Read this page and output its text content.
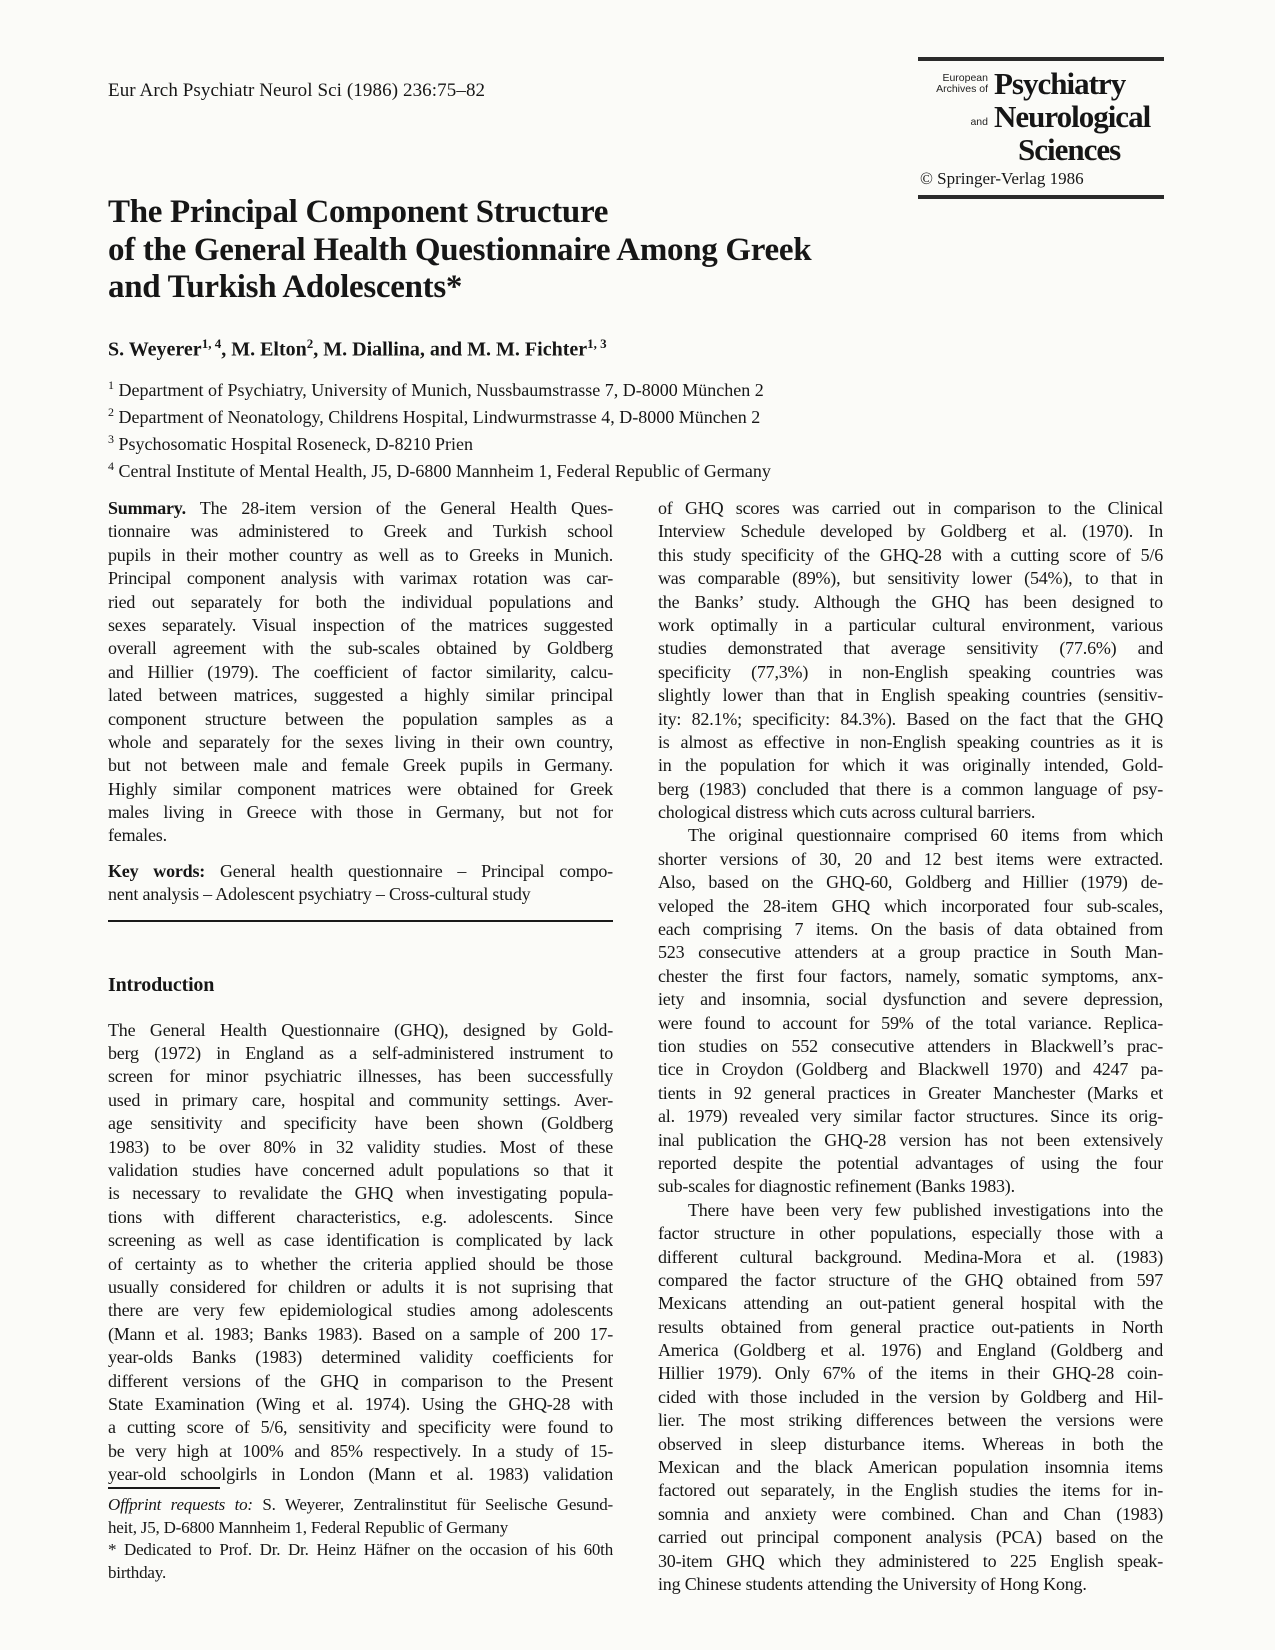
Eur Arch Psychiatr Neurol Sci (1986) 236:75–82
European
Archives of Psychiatry
and Neurological
Sciences
© Springer-Verlag 1986
The Principal Component Structure
of the General Health Questionnaire Among Greek
and Turkish Adolescents*
S. Weyerer$^{1, 4}$, M. Elton$^2$, M. Diallina, and M. M. Fichter$^{1, 3}$
$^1$ Department of Psychiatry, University of Munich, Nussbaumstrasse 7, D-8000 München 2
$^2$ Department of Neonatology, Childrens Hospital, Lindwurmstrasse 4, D-8000 München 2
$^3$ Psychosomatic Hospital Roseneck, D-8210 Prien
$^4$ Central Institute of Mental Health, J5, D-6800 Mannheim 1, Federal Republic of Germany
Summary. The 28-item version of the General Health Ques-
tionnaire was administered to Greek and Turkish school
pupils in their mother country as well as to Greeks in Munich.
Principal component analysis with varimax rotation was car-
ried out separately for both the individual populations and
sexes separately. Visual inspection of the matrices suggested
overall agreement with the sub-scales obtained by Goldberg
and Hillier (1979). The coefficient of factor similarity, calcu-
lated between matrices, suggested a highly similar principal
component structure between the population samples as a
whole and separately for the sexes living in their own country,
but not between male and female Greek pupils in Germany.
Highly similar component matrices were obtained for Greek
males living in Greece with those in Germany, but not for
females.
Key words: General health questionnaire – Principal compo-
nent analysis – Adolescent psychiatry – Cross-cultural study
Introduction
The General Health Questionnaire (GHQ), designed by Gold-
berg (1972) in England as a self-administered instrument to
screen for minor psychiatric illnesses, has been successfully
used in primary care, hospital and community settings. Aver-
age sensitivity and specificity have been shown (Goldberg
1983) to be over 80% in 32 validity studies. Most of these
validation studies have concerned adult populations so that it
is necessary to revalidate the GHQ when investigating popula-
tions with different characteristics, e.g. adolescents. Since
screening as well as case identification is complicated by lack
of certainty as to whether the criteria applied should be those
usually considered for children or adults it is not suprising that
there are very few epidemiological studies among adolescents
(Mann et al. 1983; Banks 1983). Based on a sample of 200 17-
year-olds Banks (1983) determined validity coefficients for
different versions of the GHQ in comparison to the Present
State Examination (Wing et al. 1974). Using the GHQ-28 with
a cutting score of 5/6, sensitivity and specificity were found to
be very high at 100% and 85% respectively. In a study of 15-
year-old schoolgirls in London (Mann et al. 1983) validation
of GHQ scores was carried out in comparison to the Clinical
Interview Schedule developed by Goldberg et al. (1970). In
this study specificity of the GHQ-28 with a cutting score of 5/6
was comparable (89%), but sensitivity lower (54%), to that in
the Banks’ study. Although the GHQ has been designed to
work optimally in a particular cultural environment, various
studies demonstrated that average sensitivity (77.6%) and
specificity (77,3%) in non-English speaking countries was
slightly lower than that in English speaking countries (sensitiv-
ity: 82.1%; specificity: 84.3%). Based on the fact that the GHQ
is almost as effective in non-English speaking countries as it is
in the population for which it was originally intended, Gold-
berg (1983) concluded that there is a common language of psy-
chological distress which cuts across cultural barriers.
The original questionnaire comprised 60 items from which
shorter versions of 30, 20 and 12 best items were extracted.
Also, based on the GHQ-60, Goldberg and Hillier (1979) de-
veloped the 28-item GHQ which incorporated four sub-scales,
each comprising 7 items. On the basis of data obtained from
523 consecutive attenders at a group practice in South Man-
chester the first four factors, namely, somatic symptoms, anx-
iety and insomnia, social dysfunction and severe depression,
were found to account for 59% of the total variance. Replica-
tion studies on 552 consecutive attenders in Blackwell’s prac-
tice in Croydon (Goldberg and Blackwell 1970) and 4247 pa-
tients in 92 general practices in Greater Manchester (Marks et
al. 1979) revealed very similar factor structures. Since its orig-
inal publication the GHQ-28 version has not been extensively
reported despite the potential advantages of using the four
sub-scales for diagnostic refinement (Banks 1983).
There have been very few published investigations into the
factor structure in other populations, especially those with a
different cultural background. Medina-Mora et al. (1983)
compared the factor structure of the GHQ obtained from 597
Mexicans attending an out-patient general hospital with the
results obtained from general practice out-patients in North
America (Goldberg et al. 1976) and England (Goldberg and
Hillier 1979). Only 67% of the items in their GHQ-28 coin-
cided with those included in the version by Goldberg and Hil-
lier. The most striking differences between the versions were
observed in sleep disturbance items. Whereas in both the
Mexican and the black American population insomnia items
factored out separately, in the English studies the items for in-
somnia and anxiety were combined. Chan and Chan (1983)
carried out principal component analysis (PCA) based on the
30-item GHQ which they administered to 225 English speak-
ing Chinese students attending the University of Hong Kong.
Offprint requests to: S. Weyerer, Zentralinstitut für Seelische Gesund-
heit, J5, D-6800 Mannheim 1, Federal Republic of Germany
* Dedicated to Prof. Dr. Dr. Heinz Häfner on the occasion of his 60th
birthday.
